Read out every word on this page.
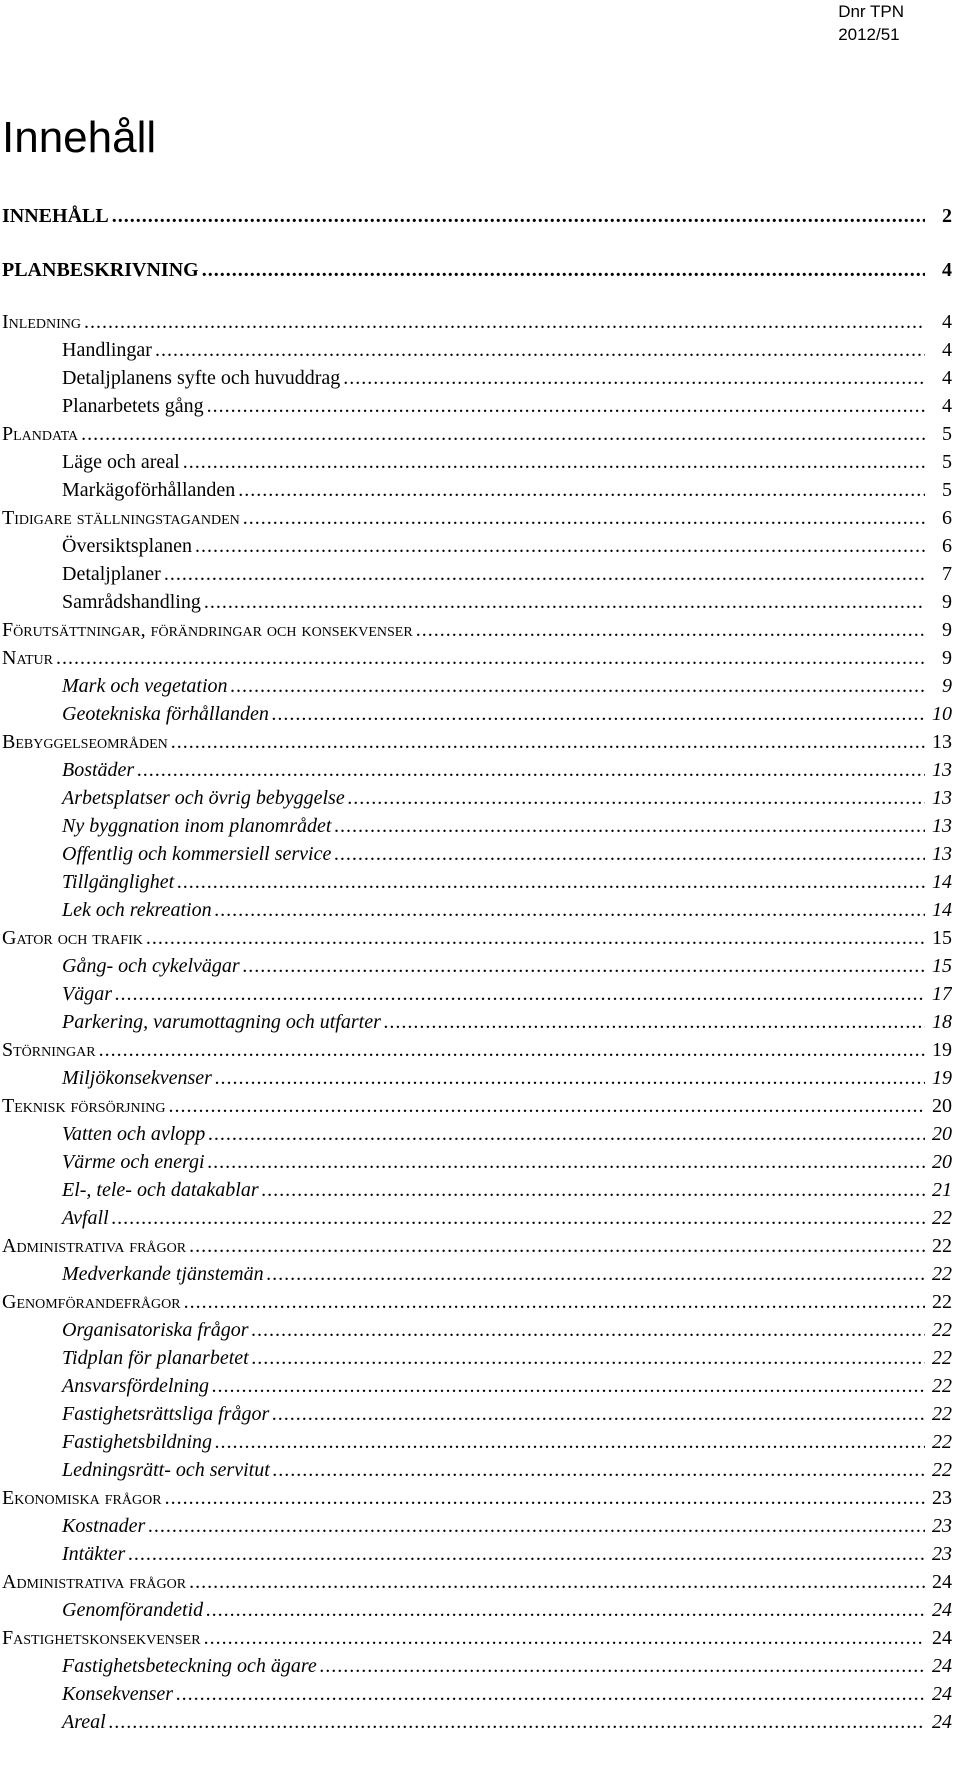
Dnr TPN
2012/51
Innehåll
INNEHÅLL .....	2
PLANBESKRIVNING .....	4
Inledning .....	4
Handlingar .....	4
Detaljplanens syfte och huvuddrag .....	4
Planarbetets gång .....	4
Plandata .....	5
Läge och areal .....	5
Markägoförhållanden .....	5
Tidigare ställningstaganden .....	6
Översiktsplanen .....	6
Detaljplaner .....	7
Samrådshandling .....	9
Förutsättningar, förändringar och konsekvenser .....	9
Natur .....	9
Mark och vegetation .....	9
Geotekniska förhållanden .....	10
Bebyggelseområden .....	13
Bostäder .....	13
Arbetsplatser och övrig bebyggelse .....	13
Ny byggnation inom planområdet .....	13
Offentlig och kommersiell service .....	13
Tillgänglighet .....	14
Lek och rekreation .....	14
Gator och trafik .....	15
Gång- och cykelvägar .....	15
Vägar .....	17
Parkering, varumottagning och utfarter .....	18
Störningar .....	19
Miljökonsekvenser .....	19
Teknisk försörjning .....	20
Vatten och avlopp .....	20
Värme och energi .....	20
El-, tele- och datakablar .....	21
Avfall .....	22
Administrativa frågor .....	22
Medverkande tjänstemän .....	22
Genomförandefrågor .....	22
Organisatoriska frågor .....	22
Tidplan för planarbetet .....	22
Ansvarsfördelning .....	22
Fastighetsrättsliga frågor .....	22
Fastighetsbildning .....	22
Ledningsrätt- och servitut .....	22
Ekonomiska frågor .....	23
Kostnader .....	23
Intäkter .....	23
Administrativa frågor .....	24
Genomförandetid .....	24
Fastighetskonsekvenser .....	24
Fastighetsbeteckning och ägare .....	24
Konsekvenser .....	24
Areal .....	24
